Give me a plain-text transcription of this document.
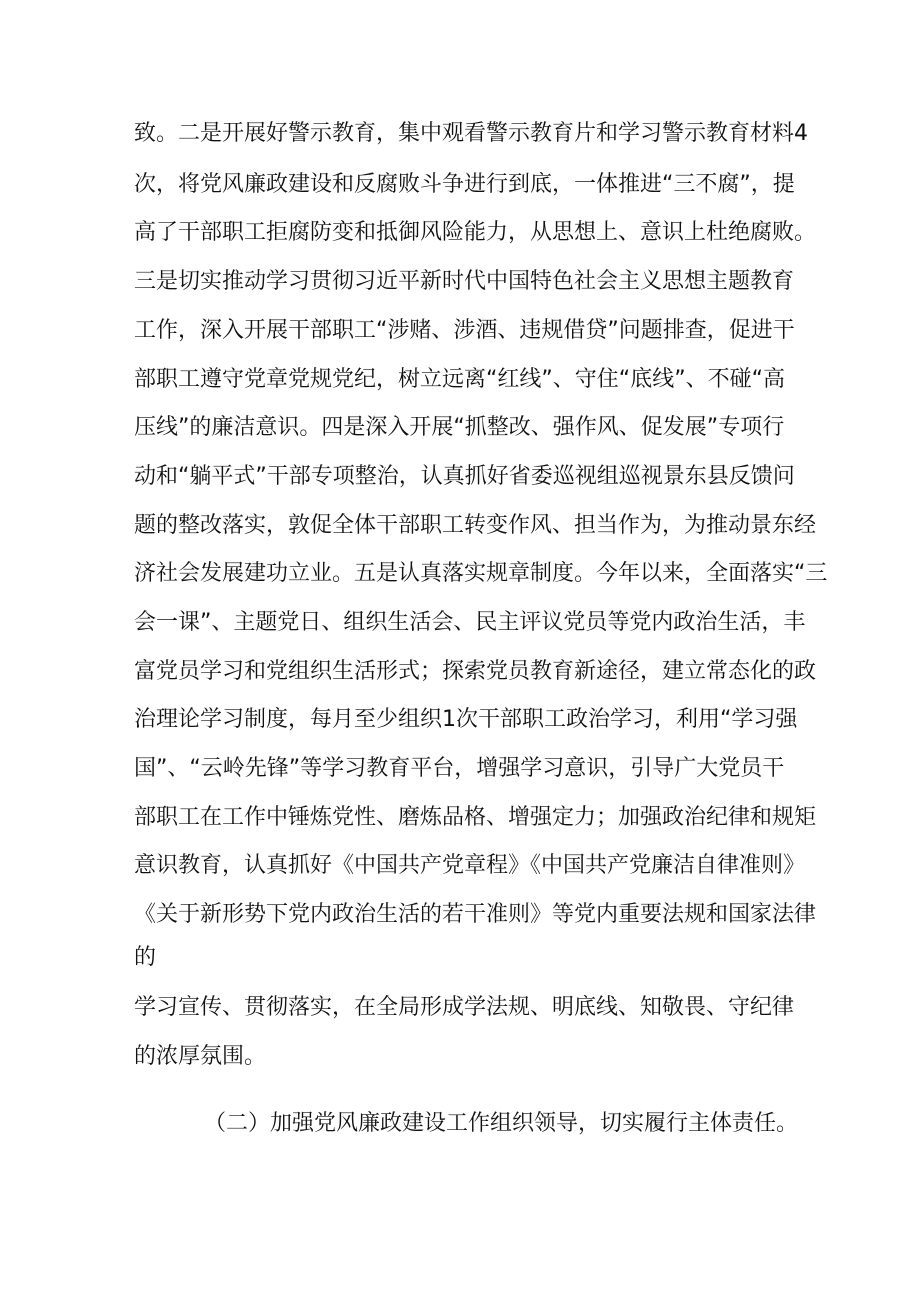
致。二是开展好警示教育，集中观看警示教育片和学习警示教育材料4
次，将党风廉政建设和反腐败斗争进行到底，一体推进“三不腐”，提
高了干部职工拒腐防变和抵御风险能力，从思想上、意识上杜绝腐败。
三是切实推动学习贯彻习近平新时代中国特色社会主义思想主题教育
工作，深入开展干部职工“涉赌、涉酒、违规借贷”问题排查，促进干
部职工遵守党章党规党纪，树立远离“红线”、守住“底线”、不碰“高
压线”的廉洁意识。四是深入开展“抓整改、强作风、促发展”专项行
动和“躺平式”干部专项整治，认真抓好省委巡视组巡视景东县反馈问
题的整改落实，敦促全体干部职工转变作风、担当作为，为推动景东经
济社会发展建功立业。五是认真落实规章制度。今年以来，全面落实“三
会一课”、主题党日、组织生活会、民主评议党员等党内政治生活，丰
富党员学习和党组织生活形式；探索党员教育新途径，建立常态化的政
治理论学习制度，每月至少组织1次干部职工政治学习，利用“学习强
国”、“云岭先锋”等学习教育平台，增强学习意识，引导广大党员干
部职工在工作中锤炼党性、磨炼品格、增强定力；加强政治纪律和规矩
意识教育，认真抓好《中国共产党章程》《中国共产党廉洁自律准则》
《关于新形势下党内政治生活的若干准则》等党内重要法规和国家法律
的
学习宣传、贯彻落实，在全局形成学法规、明底线、知敬畏、守纪律
的浓厚氛围。
（二）加强党风廉政建设工作组织领导，切实履行主体责任。
